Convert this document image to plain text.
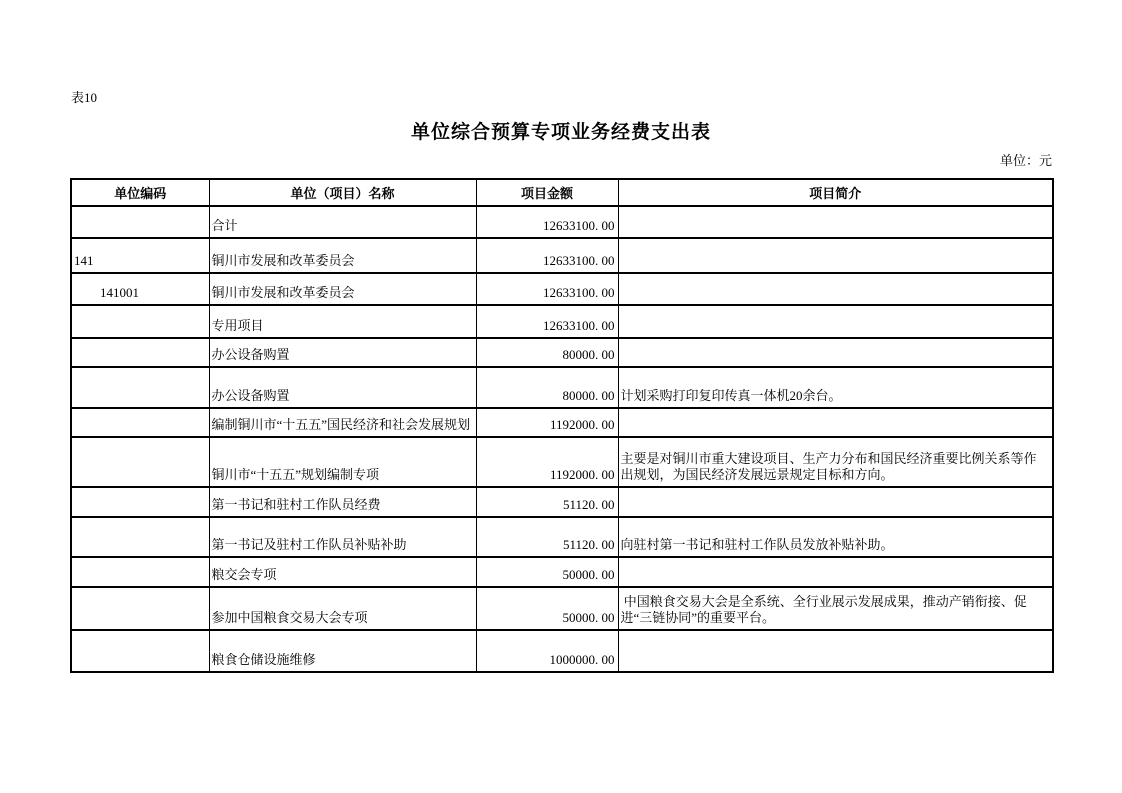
表10
单位综合预算专项业务经费支出表
单位：元
单位编码	单位（项目）名称	项目金额	项目简介
	合计	12633100. 00	
141	铜川市发展和改革委员会	12633100. 00	
141001	铜川市发展和改革委员会	12633100. 00	
	专用项目	12633100. 00	
	办公设备购置	80000. 00	
	办公设备购置	80000. 00	计划采购打印复印传真一体机20余台。
	编制铜川市“十五五”国民经济和社会发展规划	1192000. 00	
	铜川市“十五五”规划编制专项	1192000. 00	主要是对铜川市重大建设项目、生产力分布和国民经济重要比例关系等作出规划，为国民经济发展远景规定目标和方向。
	第一书记和驻村工作队员经费	51120. 00	
	第一书记及驻村工作队员补贴补助	51120. 00	向驻村第一书记和驻村工作队员发放补贴补助。
	粮交会专项	50000. 00	
	参加中国粮食交易大会专项	50000. 00	中国粮食交易大会是全系统、全行业展示发展成果，推动产销衔接、促进“三链协同”的重要平台。
	粮食仓储设施维修	1000000. 00	
